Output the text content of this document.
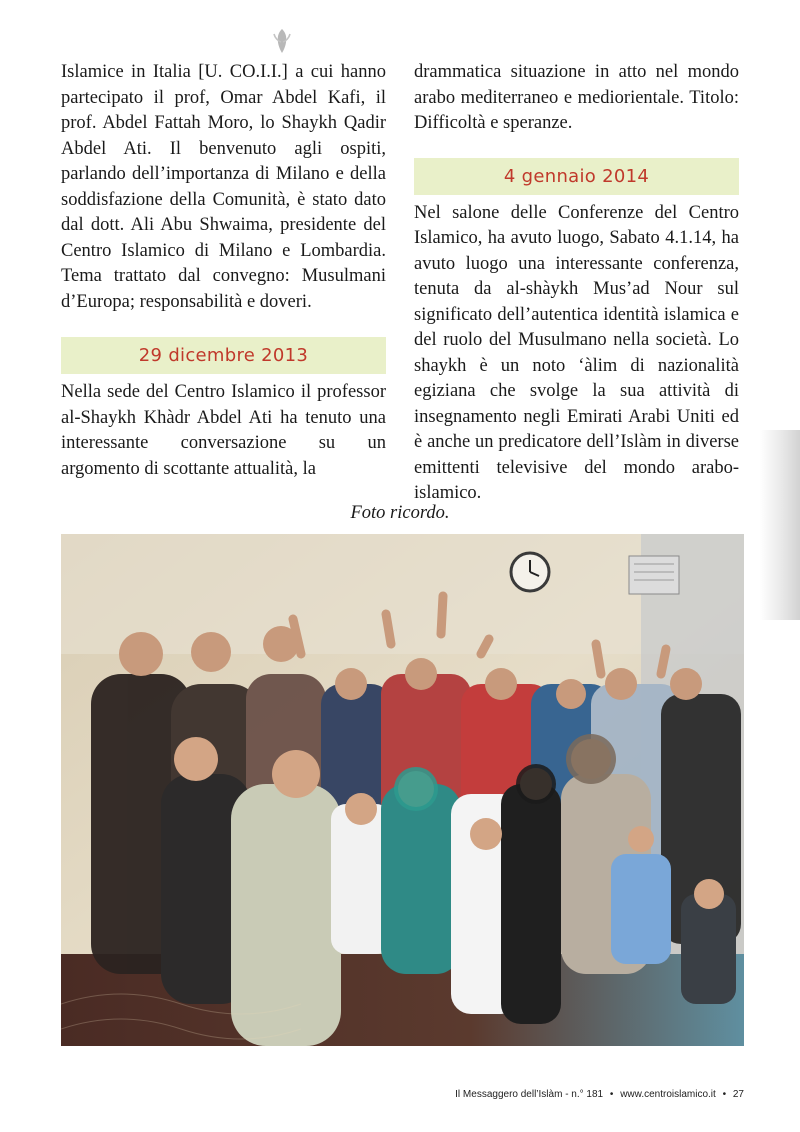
Islamice in Italia [U. CO.I.I.] a cui hanno partecipato il prof, Omar Abdel Kafi, il prof. Abdel Fattah Moro, lo Shaykh Qadir Abdel Ati. Il benvenuto agli ospiti, parlando dell’importanza di Milano e della soddisfazione della Comunità, è stato dato dal dott. Ali Abu Shwaima, presidente del Centro Islamico di Milano e Lombardia. Tema trattato dal convegno: Musulmani d’Europa; responsabilità e doveri.

29 dicembre 2013

Nella sede del Centro Islamico il professor al-Shaykh Khàdr Abdel Ati ha tenuto una interessante conversazione su un argomento di scottante attualità, la

drammatica situazione in atto nel mondo arabo mediterraneo e mediorientale. Titolo: Difficoltà e speranze.

4 gennaio 2014

Nel salone delle Conferenze del Centro Islamico, ha avuto luogo, Sabato 4.1.14, ha avuto luogo una interessante conferenza, tenuta da al-shàykh Mus’ad Nour sul significato dell’autentica identità islamica e del ruolo del Musulmano nella società. Lo shaykh è un noto ‘àlim di nazionalità egiziana che svolge la sua attività di insegnamento negli Emirati Arabi Uniti ed è anche un predicatore dell’Islàm in diverse emittenti televisive del mondo arabo-islamico.

Foto ricordo.
Il Messaggero dell’Islàm - n.° 181 • www.centroislamico.it • 27
